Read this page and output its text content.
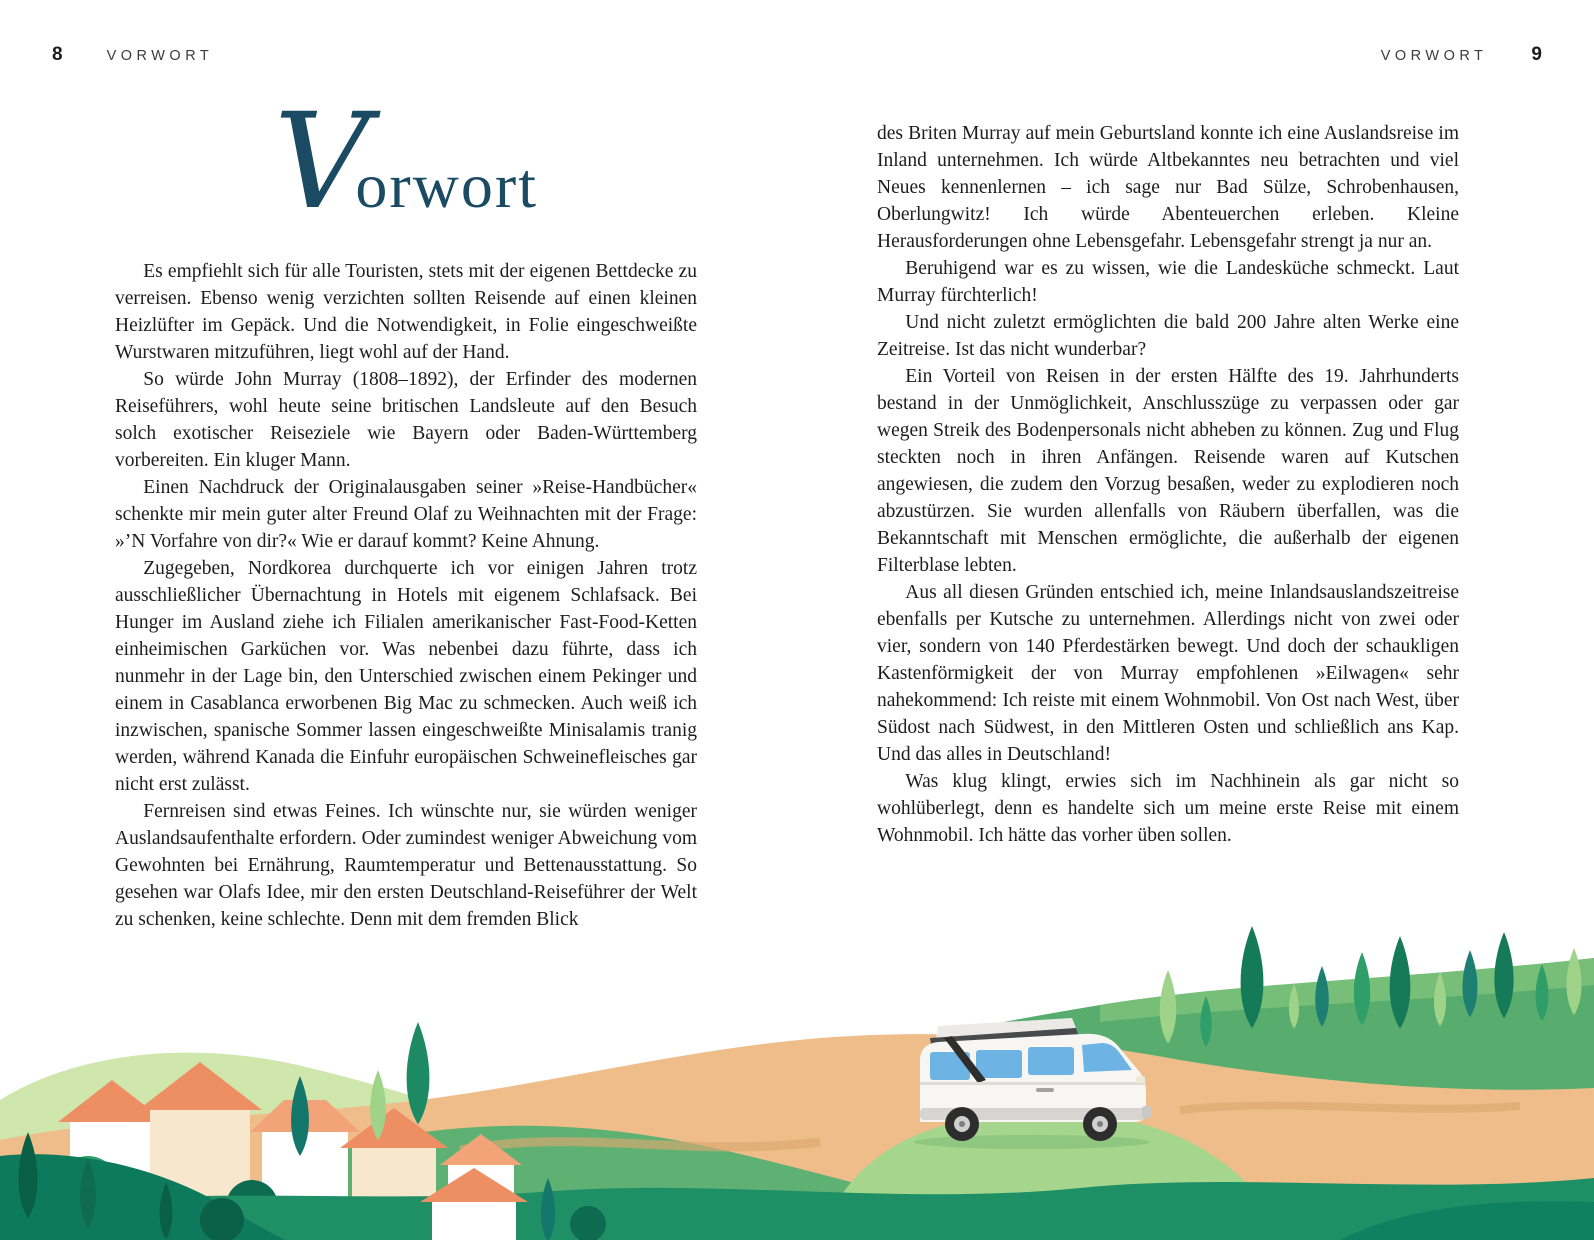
8	VORWORT	VORWORT 9
Vorwort

Es empfiehlt sich für alle Touristen, stets mit der eigenen Bettdecke zu verreisen. Ebenso wenig verzichten sollten Reisende auf einen kleinen Heizlüfter im Gepäck. Und die Notwendigkeit, in Folie eingeschweißte Wurstwaren mitzuführen, liegt wohl auf der Hand.

So würde John Murray (1808–1892), der Erfinder des modernen Reiseführers, wohl heute seine britischen Landsleute auf den Besuch solch exotischer Reiseziele wie Bayern oder Baden-Württemberg vorbereiten. Ein kluger Mann.

Einen Nachdruck der Originalausgaben seiner »Reise-Handbücher« schenkte mir mein guter alter Freund Olaf zu Weihnachten mit der Frage: »’N Vorfahre von dir?« Wie er darauf kommt? Keine Ahnung.

Zugegeben, Nordkorea durchquerte ich vor einigen Jahren trotz ausschließlicher Übernachtung in Hotels mit eigenem Schlafsack. Bei Hunger im Ausland ziehe ich Filialen amerikanischer Fast-Food-Ketten einheimischen Garküchen vor. Was nebenbei dazu führte, dass ich nunmehr in der Lage bin, den Unterschied zwischen einem Pekinger und einem in Casablanca erworbenen Big Mac zu schmecken. Auch weiß ich inzwischen, spanische Sommer lassen eingeschweißte Minisalamis tranig werden, während Kanada die Einfuhr europäischen Schweinefleisches gar nicht erst zulässt.

Fernreisen sind etwas Feines. Ich wünschte nur, sie würden weniger Auslandsaufenthalte erfordern. Oder zumindest weniger Abweichung vom Gewohnten bei Ernährung, Raumtemperatur und Bettenausstattung. So gesehen war Olafs Idee, mir den ersten Deutschland-Reiseführer der Welt zu schenken, keine schlechte. Denn mit dem fremden Blick

des Briten Murray auf mein Geburtsland konnte ich eine Auslandsreise im Inland unternehmen. Ich würde Altbekanntes neu betrachten und viel Neues kennenlernen – ich sage nur Bad Sülze, Schrobenhausen, Oberlungwitz! Ich würde Abenteuerchen erleben. Kleine Herausforderungen ohne Lebensgefahr. Lebensgefahr strengt ja nur an.

Beruhigend war es zu wissen, wie die Landesküche schmeckt. Laut Murray fürchterlich!

Und nicht zuletzt ermöglichten die bald 200 Jahre alten Werke eine Zeitreise. Ist das nicht wunderbar?

Ein Vorteil von Reisen in der ersten Hälfte des 19. Jahrhunderts bestand in der Unmöglichkeit, Anschlusszüge zu verpassen oder gar wegen Streik des Bodenpersonals nicht abheben zu können. Zug und Flug steckten noch in ihren Anfängen. Reisende waren auf Kutschen angewiesen, die zudem den Vorzug besaßen, weder zu explodieren noch abzustürzen. Sie wurden allenfalls von Räubern überfallen, was die Bekanntschaft mit Menschen ermöglichte, die außerhalb der eigenen Filterblase lebten.

Aus all diesen Gründen entschied ich, meine Inlandsauslandszeitreise ebenfalls per Kutsche zu unternehmen. Allerdings nicht von zwei oder vier, sondern von 140 Pferdestärken bewegt. Und doch der schaukligen Kastenförmigkeit der von Murray empfohlenen »Eilwagen« sehr nahekommend: Ich reiste mit einem Wohnmobil. Von Ost nach West, über Südost nach Südwest, in den Mittleren Osten und schließlich ans Kap. Und das alles in Deutschland!

Was klug klingt, erwies sich im Nachhinein als gar nicht so wohlüberlegt, denn es handelte sich um meine erste Reise mit einem Wohnmobil. Ich hätte das vorher üben sollen.
